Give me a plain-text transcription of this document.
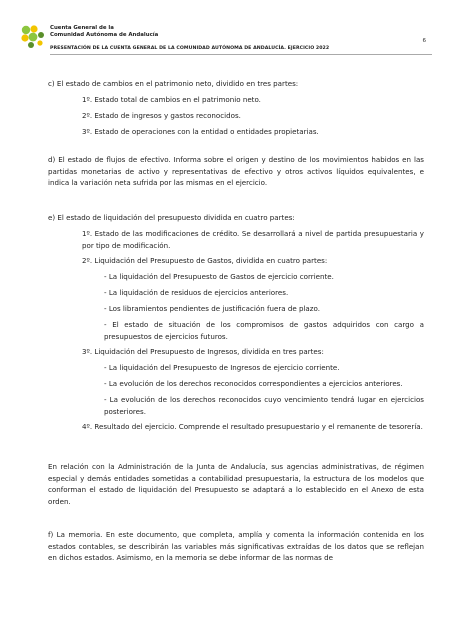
Cuenta General de la
Comunidad Autónoma de Andalucía
6
PRESENTACIÓN DE LA CUENTA GENERAL DE LA COMUNIDAD AUTÓNOMA DE ANDALUCÍA. EJERCICIO 2022
c) El estado de cambios en el patrimonio neto, dividido en tres partes:
1º. Estado total de cambios en el patrimonio neto.
2º. Estado de ingresos y gastos reconocidos.
3º. Estado de operaciones con la entidad o entidades propietarias.
d) El estado de flujos de efectivo. Informa sobre el origen y destino de los movimientos habidos en las partidas monetarias de activo y representativas de efectivo y otros activos líquidos equivalentes, e indica la variación neta sufrida por las mismas en el ejercicio.
e) El estado de liquidación del presupuesto dividida en cuatro partes:
1º. Estado de las modificaciones de crédito. Se desarrollará a nivel de partida presupuestaria y por tipo de modificación.
2º. Liquidación del Presupuesto de Gastos, dividida en cuatro partes:
- La liquidación del Presupuesto de Gastos de ejercicio corriente.
- La liquidación de residuos de ejercicios anteriores.
- Los libramientos pendientes de justificación fuera de plazo.
- El estado de situación de los compromisos de gastos adquiridos con cargo a presupuestos de ejercicios futuros.
3º. Liquidación del Presupuesto de Ingresos, dividida en tres partes:
- La liquidación del Presupuesto de Ingresos de ejercicio corriente.
- La evolución de los derechos reconocidos correspondientes a ejercicios anteriores.
- La evolución de los derechos reconocidos cuyo vencimiento tendrá lugar en ejercicios posteriores.
4º. Resultado del ejercicio. Comprende el resultado presupuestario y el remanente de tesorería.
En relación con la Administración de la Junta de Andalucía, sus agencias administrativas, de régimen especial y demás entidades sometidas a contabilidad presupuestaria, la estructura de los modelos que conforman el estado de liquidación del Presupuesto se adaptará a lo establecido en el Anexo de esta orden.
f) La memoria. En este documento, que completa, amplía y comenta la información contenida en los estados contables, se describirán las variables más significativas extraídas de los datos que se reflejan en dichos estados. Asimismo, en la memoria se debe informar de las normas de
